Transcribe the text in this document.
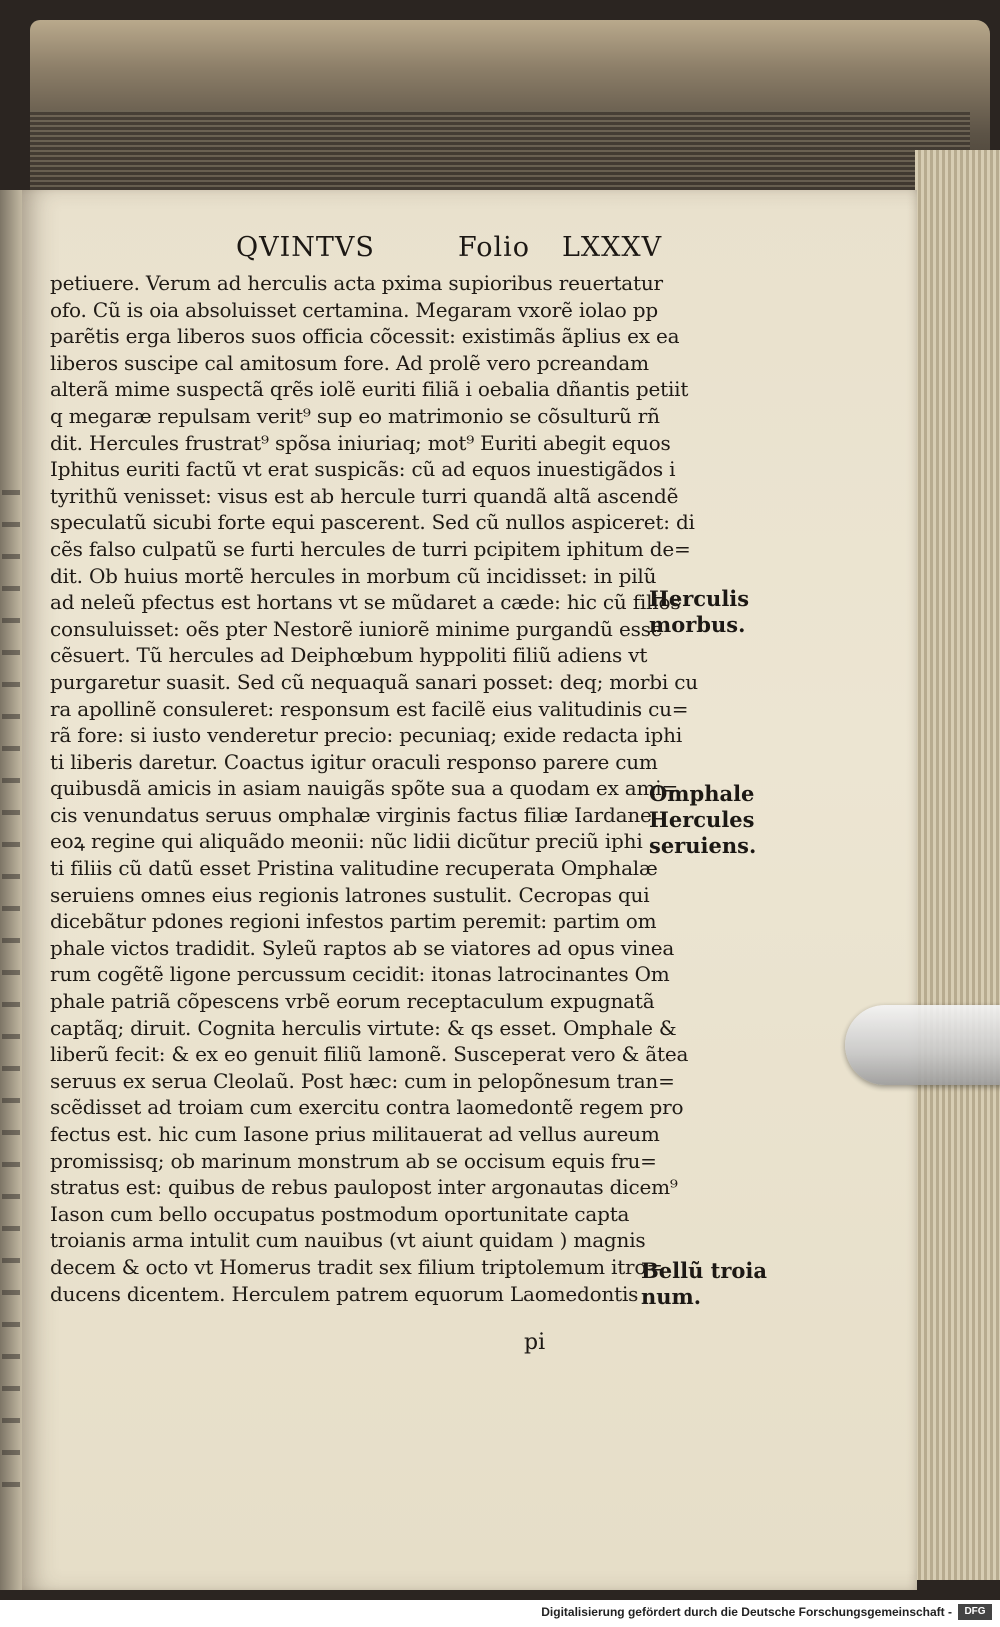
QVINTVS	Folio LXXXV
petiuere. Verum ad herculis acta pxima supioribus reuertatur
ofo. Cũ is oia absoluisset certamina. Megaram vxorẽ iolao pp
parẽtis erga liberos suos officia cõcessit: existimãs ãplius ex ea
liberos suscipe cal amitosum fore. Ad prolẽ vero pcreandam
alterã mime suspectã qrẽs iolẽ euriti filiã i oebalia dñantis petiit
q megaræ repulsam verit⁹ sup eo matrimonio se cõsulturũ rñ
dit. Hercules frustrat⁹ spõsa iniuriaq; mot⁹ Euriti abegit equos
Iphitus euriti factũ vt erat suspicãs: cũ ad equos inuestigãdos i
tyrithũ venisset: visus est ab hercule turri quandã altã ascendẽ
speculatũ sicubi forte equi pascerent. Sed cũ nullos aspiceret: di
cẽs falso culpatũ se furti hercules de turri pcipitem iphitum de=
dit. Ob huius mortẽ hercules in morbum cũ incidisset: in pilũ
ad neleũ pfectus est hortans vt se mũdaret a cæde: hic cũ filios
consuluisset: oẽs pter Nestorẽ iuniorẽ minime purgandũ esse
cẽsuert. Tũ hercules ad Deiphœbum hyppoliti filiũ adiens vt
purgaretur suasit. Sed cũ nequaquã sanari posset: deq; morbi cu
ra apollinẽ consuleret: responsum est facilẽ eius valitudinis cu=
rã fore: si iusto venderetur precio: pecuniaq; exide redacta iphi
ti liberis daretur. Coactus igitur oraculi responso parere cum
quibusdã amicis in asiam nauigãs spõte sua a quodam ex ami=
cis venundatus seruus omphalæ virginis factus filiæ Iardane
eoꝝ regine qui aliquãdo meonii: nũc lidii dicũtur preciũ iphi
ti filiis cũ datũ esset Pristina valitudine recuperata Omphalæ
seruiens omnes eius regionis latrones sustulit. Cecropas qui
dicebãtur pdones regioni infestos partim peremit: partim om
phale victos tradidit. Syleũ raptos ab se viatores ad opus vinea
rum cogẽtẽ ligone percussum cecidit: itonas latrocinantes Om
phale patriã cõpescens vrbẽ eorum receptaculum expugnatã
captãq; diruit. Cognita herculis virtute: & qs esset. Omphale &
liberũ fecit: & ex eo genuit filiũ lamonẽ. Susceperat vero & ãtea
seruus ex serua Cleolaũ. Post hæc: cum in pelopõnesum tran=
scẽdisset ad troiam cum exercitu contra laomedontẽ regem pro
fectus est. hic cum Iasone prius militauerat ad vellus aureum
promissisq; ob marinum monstrum ab se occisum equis fru=
stratus est: quibus de rebus paulopost inter argonautas dicem⁹
Iason cum bello occupatus postmodum oportunitate capta
troianis arma intulit cum nauibus (vt aiunt quidam ) magnis
decem & octo vt Homerus tradit sex filium triptolemum itro=
ducens dicentem. Herculem patrem equorum Laomedontis
Herculis
morbus.
Omphale
Hercules
seruiens.
Bellũ troia
num.
pi
Digitalisierung gefördert durch die Deutsche Forschungsgemeinschaft -	DFG
